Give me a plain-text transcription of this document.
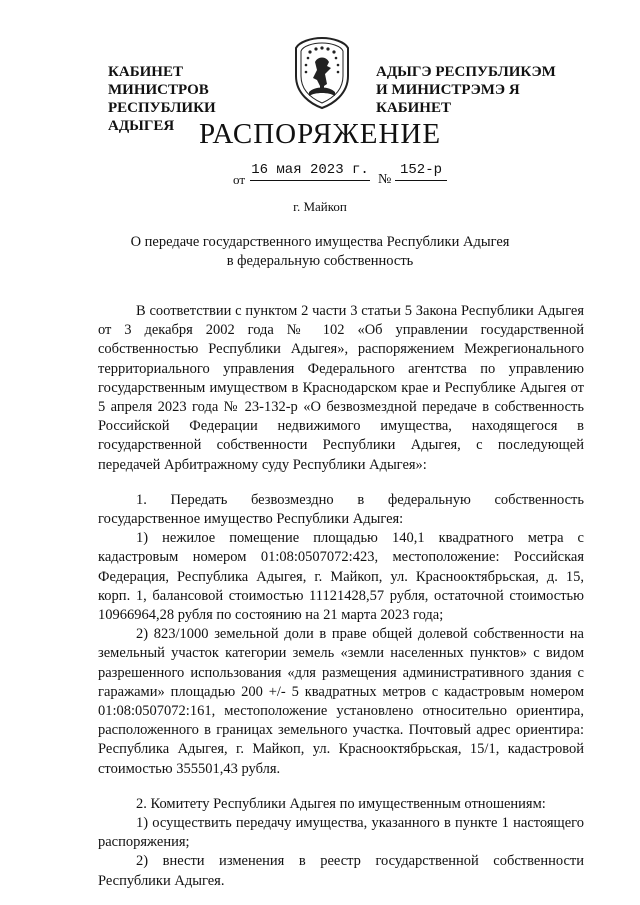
КАБИНЕТ МИНИСТРОВ
РЕСПУБЛИКИ АДЫГЕЯ
АДЫГЭ РЕСПУБЛИКЭМ
И МИНИСТРЭМЭ Я КАБИНЕТ
РАСПОРЯЖЕНИЕ
от
16 мая 2023 г.
№
152-р
г. Майкоп
О передаче государственного имущества Республики Адыгея
в федеральную собственность

В соответствии с пунктом 2 части 3 статьи 5 Закона Республики Адыгея от 3 декабря 2002 года № 102 «Об управлении государственной собственностью Республики Адыгея», распоряжением Межрегионального территориального управления Федерального агентства по управлению государственным имуществом в Краснодарском крае и Республике Адыгея от 5 апреля 2023 года № 23-132-р «О безвозмездной передаче в собственность Российской Федерации недвижимого имущества, находящегося в государственной собственности Республики Адыгея, с последующей передачей Арбитражному суду Республики Адыгея»:

1. Передать безвозмездно в федеральную собственность государственное имущество Республики Адыгея:

1) нежилое помещение площадью 140,1 квадратного метра с кадастровым номером 01:08:0507072:423, местоположение: Российская Федерация, Республика Адыгея, г. Майкоп, ул. Краснооктябрьская, д. 15, корп. 1, балансовой стоимостью 11121428,57 рубля, остаточной стоимостью 10966964,28 рубля по состоянию на 21 марта 2023 года;

2) 823/1000 земельной доли в праве общей долевой собственности на земельный участок категории земель «земли населенных пунктов» с видом разрешенного использования «для размещения административного здания с гаражами» площадью 200 +/- 5 квадратных метров с кадастровым номером 01:08:0507072:161, местоположение установлено относительно ориентира, расположенного в границах земельного участка. Почтовый адрес ориентира: Республика Адыгея, г. Майкоп, ул. Краснооктябрьская, 15/1, кадастровой стоимостью 355501,43 рубля.

2. Комитету Республики Адыгея по имущественным отношениям:

1) осуществить передачу имущества, указанного в пункте 1 настоящего распоряжения;

2) внести изменения в реестр государственной собственности Республики Адыгея.
